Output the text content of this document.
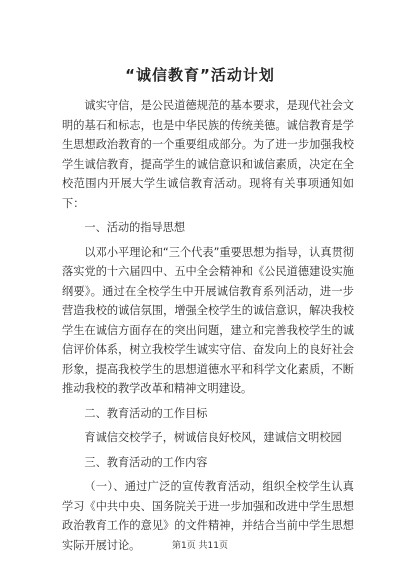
“诚信教育”活动计划

诚实守信，是公民道德规范的基本要求，是现代社会文明的基石和标志，也是中华民族的传统美德。诚信教育是学生思想政治教育的一个重要组成部分。为了进一步加强我校学生诚信教育，提高学生的诚信意识和诚信素质，决定在全校范围内开展大学生诚信教育活动。现将有关事项通知如下：

一、活动的指导思想

以邓小平理论和“三个代表”重要思想为指导，认真贯彻落实党的十六届四中、五中全会精神和《公民道德建设实施纲要》。通过在全校学生中开展诚信教育系列活动，进一步营造我校的诚信氛围，增强全校学生的诚信意识，解决我校学生在诚信方面存在的突出问题，建立和完善我校学生的诚信评价体系，树立我校学生诚实守信、奋发向上的良好社会形象，提高我校学生的思想道德水平和科学文化素质，不断推动我校的教学改革和精神文明建设。

二、教育活动的工作目标

育诚信交校学子，树诚信良好校风，建诚信文明校园

三、教育活动的工作内容

（一）、通过广泛的宣传教育活动，组织全校学生认真学习《中共中央、国务院关于进一步加强和改进中学生思想政治教育工作的意见》的文件精神，并结合当前中学生思想实际开展讨论。	第1页 共11页
